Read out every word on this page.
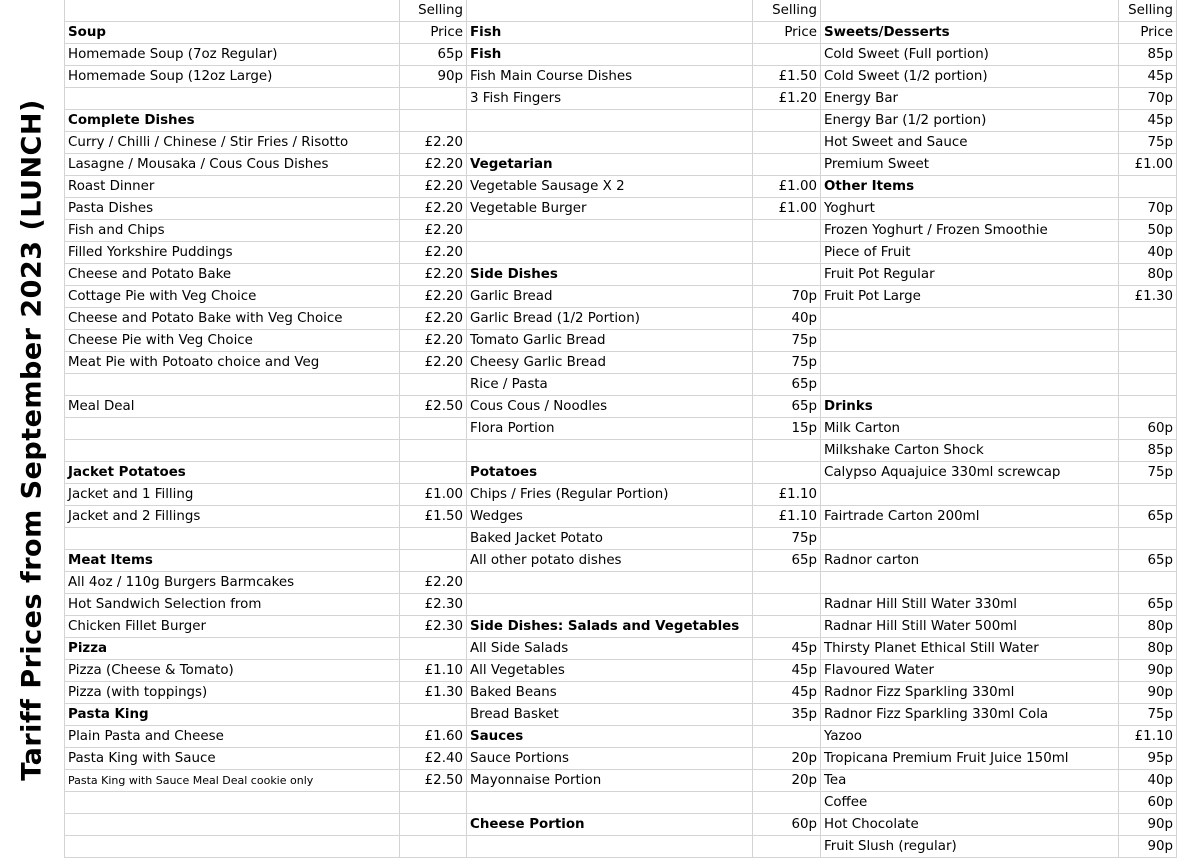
Tariff Prices from September 2023 (LUNCH)
	Selling		Selling		Selling
Soup	Price	Fish	Price	Sweets/Desserts	Price
Homemade Soup (7oz Regular)	65p	Fish		Cold Sweet (Full portion)	85p
Homemade Soup (12oz Large)	90p	Fish Main Course Dishes	£1.50	Cold Sweet (1/2 portion)	45p
		3 Fish Fingers	£1.20	Energy Bar	70p
Complete Dishes				Energy Bar (1/2 portion)	45p
Curry / Chilli / Chinese / Stir Fries / Risotto	£2.20			Hot Sweet and Sauce	75p
Lasagne / Mousaka / Cous Cous Dishes	£2.20	Vegetarian		Premium Sweet	£1.00
Roast Dinner	£2.20	Vegetable Sausage X 2	£1.00	Other Items	
Pasta Dishes	£2.20	Vegetable Burger	£1.00	Yoghurt	70p
Fish and Chips	£2.20			Frozen Yoghurt / Frozen Smoothie	50p
Filled Yorkshire Puddings	£2.20			Piece of Fruit	40p
Cheese and Potato Bake	£2.20	Side Dishes		Fruit Pot Regular	80p
Cottage Pie with Veg Choice	£2.20	Garlic Bread	70p	Fruit Pot Large	£1.30
Cheese and Potato Bake with Veg Choice	£2.20	Garlic Bread (1/2 Portion)	40p		
Cheese Pie with Veg Choice	£2.20	Tomato Garlic Bread	75p		
Meat Pie with Potoato choice and Veg	£2.20	Cheesy Garlic Bread	75p		
		Rice / Pasta	65p		
Meal Deal	£2.50	Cous Cous / Noodles	65p	Drinks	
		Flora Portion	15p	Milk Carton	60p
				Milkshake Carton Shock	85p
Jacket Potatoes		Potatoes		Calypso Aquajuice 330ml screwcap	75p
Jacket and 1 Filling	£1.00	Chips / Fries (Regular Portion)	£1.10		
Jacket and 2 Fillings	£1.50	Wedges	£1.10	Fairtrade Carton 200ml	65p
		Baked Jacket Potato	75p		
Meat Items		All other potato dishes	65p	Radnor carton	65p
All 4oz / 110g Burgers Barmcakes	£2.20				
Hot Sandwich Selection from	£2.30			Radnar Hill Still Water 330ml	65p
Chicken Fillet Burger	£2.30	Side Dishes: Salads and Vegetables		Radnar Hill Still Water 500ml	80p
Pizza		All Side Salads	45p	Thirsty Planet Ethical Still Water	80p
Pizza (Cheese & Tomato)	£1.10	All Vegetables	45p	Flavoured Water	90p
Pizza (with toppings)	£1.30	Baked Beans	45p	Radnor Fizz Sparkling 330ml	90p
Pasta King		Bread Basket	35p	Radnor Fizz Sparkling 330ml Cola	75p
Plain Pasta and Cheese	£1.60	Sauces		Yazoo	£1.10
Pasta King with Sauce	£2.40	Sauce Portions	20p	Tropicana Premium Fruit Juice 150ml	95p
Pasta King with Sauce Meal Deal cookie only	£2.50	Mayonnaise Portion	20p	Tea	40p
				Coffee	60p
		Cheese Portion	60p	Hot Chocolate	90p
				Fruit Slush (regular)	90p
